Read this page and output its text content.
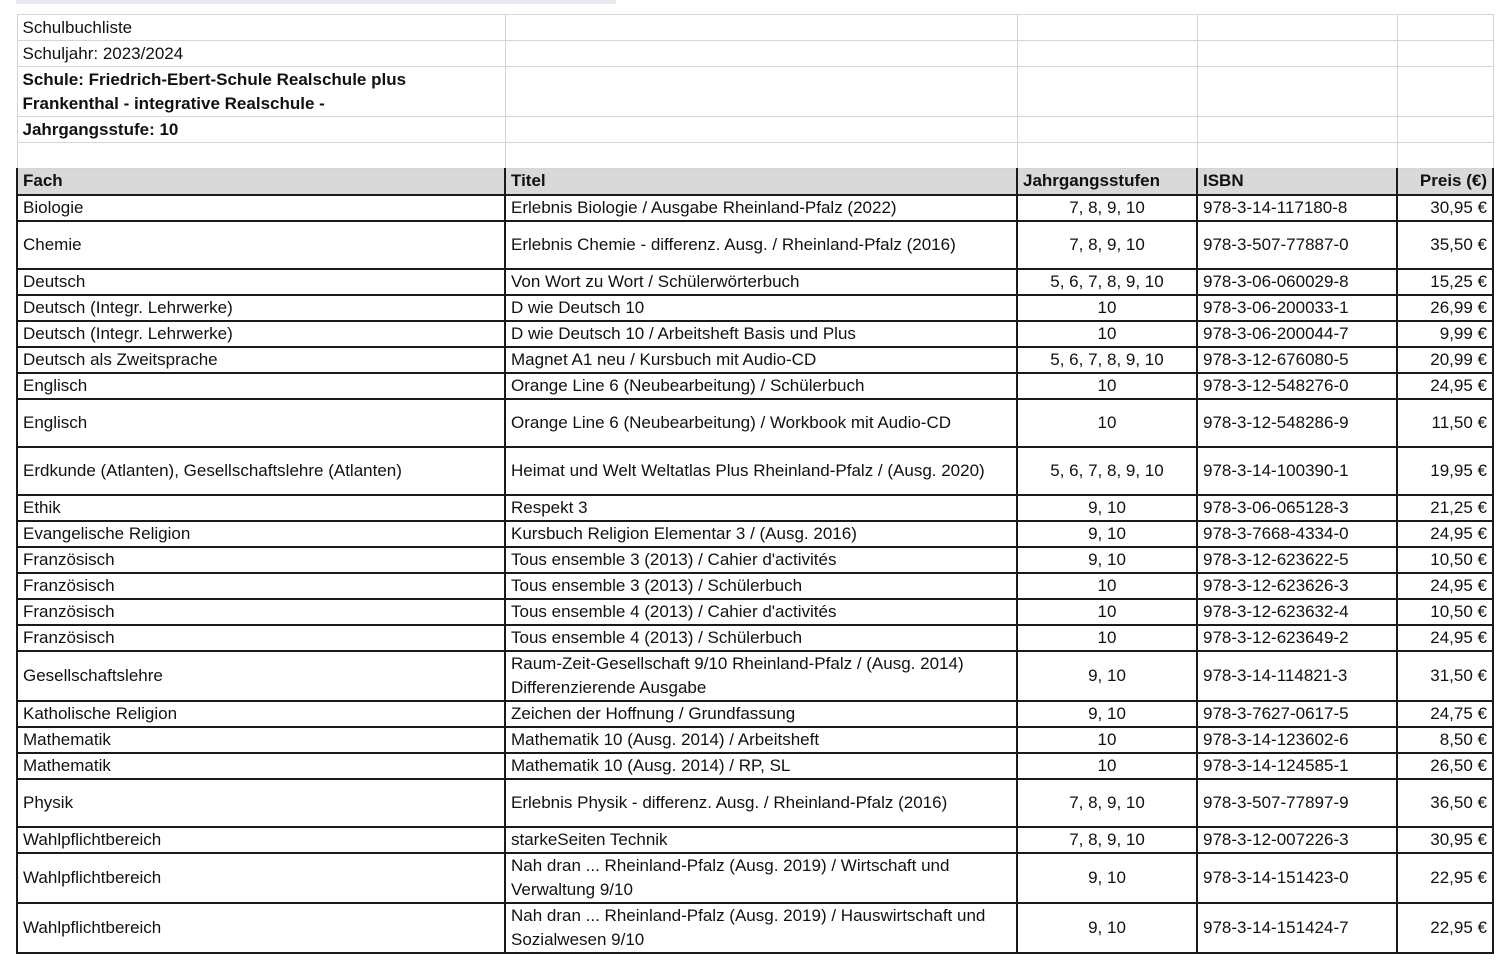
Schulbuchliste				
Schuljahr: 2023/2024				

Schule: Friedrich-Ebert-Schule Realschule plus
Frankenthal - integrative Realschule -				

Jahrgangsstufe: 10				

Fach	Titel	Jahrgangsstufen	ISBN	Preis (€)
Biologie	Erlebnis Biologie / Ausgabe Rheinland-Pfalz (2022)	7, 8, 9, 10	978-3-14-117180-8	30,95 €
Chemie	Erlebnis Chemie - differenz. Ausg. / Rheinland-Pfalz (2016)	7, 8, 9, 10	978-3-507-77887-0	35,50 €
Deutsch	Von Wort zu Wort / Schülerwörterbuch	5, 6, 7, 8, 9, 10	978-3-06-060029-8	15,25 €
Deutsch (Integr. Lehrwerke)	D wie Deutsch 10	10	978-3-06-200033-1	26,99 €
Deutsch (Integr. Lehrwerke)	D wie Deutsch 10 / Arbeitsheft Basis und Plus	10	978-3-06-200044-7	9,99 €
Deutsch als Zweitsprache	Magnet A1 neu / Kursbuch mit Audio-CD	5, 6, 7, 8, 9, 10	978-3-12-676080-5	20,99 €
Englisch	Orange Line 6 (Neubearbeitung) / Schülerbuch	10	978-3-12-548276-0	24,95 €
Englisch	Orange Line 6 (Neubearbeitung) / Workbook mit Audio-CD	10	978-3-12-548286-9	11,50 €
Erdkunde (Atlanten), Gesellschaftslehre (Atlanten)	Heimat und Welt Weltatlas Plus Rheinland-Pfalz / (Ausg. 2020)	5, 6, 7, 8, 9, 10	978-3-14-100390-1	19,95 €
Ethik	Respekt 3	9, 10	978-3-06-065128-3	21,25 €
Evangelische Religion	Kursbuch Religion Elementar 3 / (Ausg. 2016)	9, 10	978-3-7668-4334-0	24,95 €
Französisch	Tous ensemble 3 (2013) / Cahier d'activités	9, 10	978-3-12-623622-5	10,50 €
Französisch	Tous ensemble 3 (2013) / Schülerbuch	10	978-3-12-623626-3	24,95 €
Französisch	Tous ensemble 4 (2013) / Cahier d'activités	10	978-3-12-623632-4	10,50 €
Französisch	Tous ensemble 4 (2013) / Schülerbuch	10	978-3-12-623649-2	24,95 €
Gesellschaftslehre	Raum-Zeit-Gesellschaft 9/10 Rheinland-Pfalz / (Ausg. 2014) Differenzierende Ausgabe	9, 10	978-3-14-114821-3	31,50 €
Katholische Religion	Zeichen der Hoffnung / Grundfassung	9, 10	978-3-7627-0617-5	24,75 €
Mathematik	Mathematik 10 (Ausg. 2014) / Arbeitsheft	10	978-3-14-123602-6	8,50 €
Mathematik	Mathematik 10 (Ausg. 2014) / RP, SL	10	978-3-14-124585-1	26,50 €
Physik	Erlebnis Physik - differenz. Ausg. / Rheinland-Pfalz (2016)	7, 8, 9, 10	978-3-507-77897-9	36,50 €
Wahlpflichtbereich	starkeSeiten Technik	7, 8, 9, 10	978-3-12-007226-3	30,95 €
Wahlpflichtbereich	Nah dran ... Rheinland-Pfalz (Ausg. 2019) / Wirtschaft und Verwaltung 9/10	9, 10	978-3-14-151423-0	22,95 €
Wahlpflichtbereich	Nah dran ... Rheinland-Pfalz (Ausg. 2019) / Hauswirtschaft und Sozialwesen 9/10	9, 10	978-3-14-151424-7	22,95 €
